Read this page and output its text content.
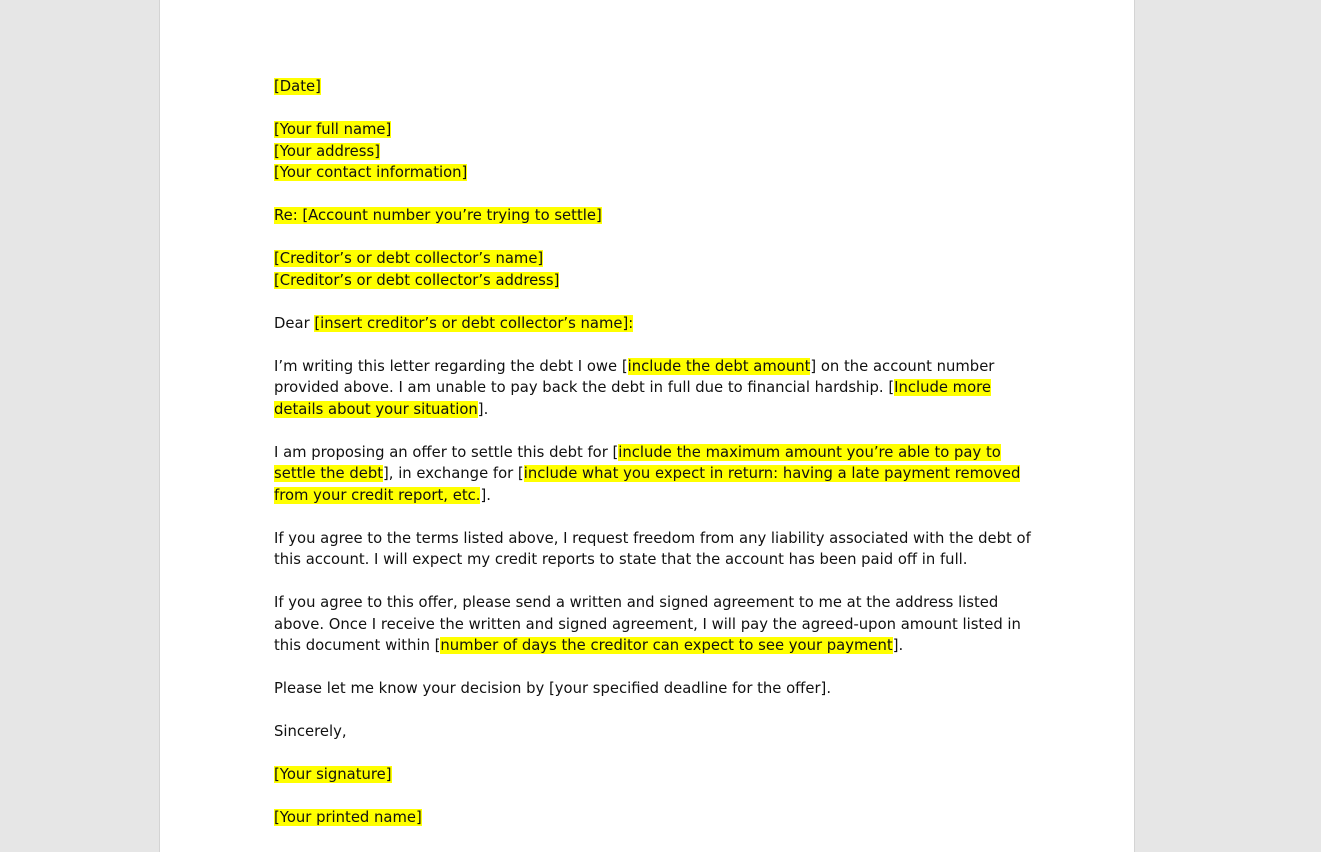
[Date]

[Your full name]
[Your address]
[Your contact information]

Re: [Account number you’re trying to settle]

[Creditor’s or debt collector’s name]
[Creditor’s or debt collector’s address]

Dear [insert creditor’s or debt collector’s name]:

I’m writing this letter regarding the debt I owe [include the debt amount] on the account number provided above. I am unable to pay back the debt in full due to financial hardship. [Include more details about your situation].

I am proposing an offer to settle this debt for [include the maximum amount you’re able to pay to settle the debt], in exchange for [include what you expect in return: having a late payment removed from your credit report, etc.].

If you agree to the terms listed above, I request freedom from any liability associated with the debt of this account. I will expect my credit reports to state that the account has been paid off in full.

If you agree to this offer, please send a written and signed agreement to me at the address listed above. Once I receive the written and signed agreement, I will pay the agreed-upon amount listed in this document within [number of days the creditor can expect to see your payment].

Please let me know your decision by [your specified deadline for the offer].

Sincerely,

[Your signature]

[Your printed name]
